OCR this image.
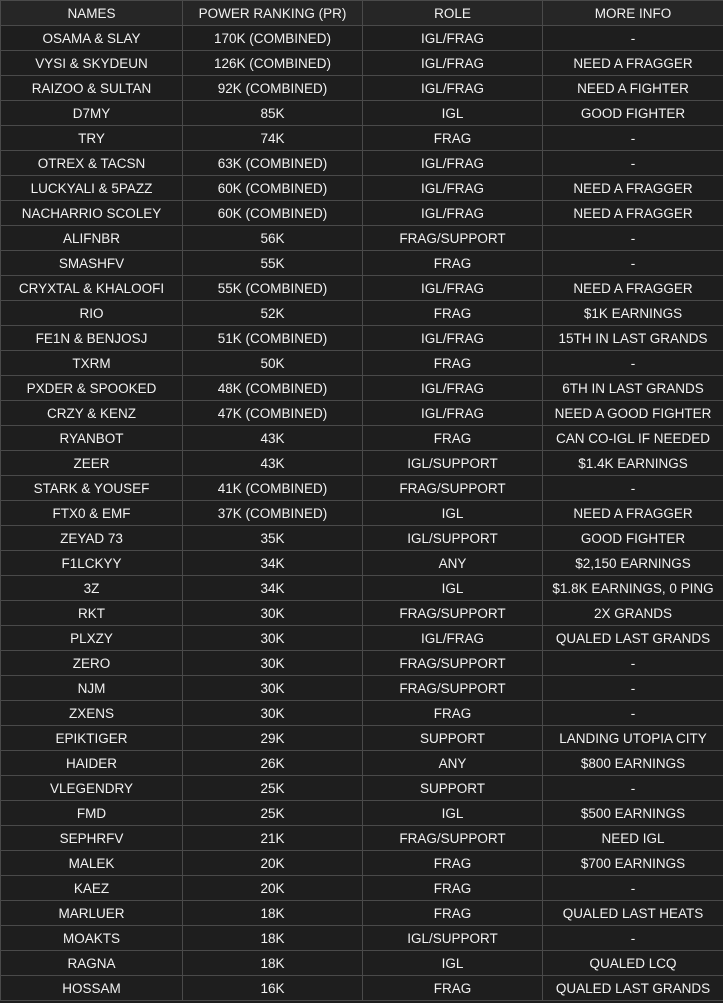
NAMES	POWER RANKING (PR)	ROLE	MORE INFO
OSAMA & SLAY	170K (COMBINED)	IGL/FRAG	-
VYSI & SKYDEUN	126K (COMBINED)	IGL/FRAG	NEED A FRAGGER
RAIZOO & SULTAN	92K (COMBINED)	IGL/FRAG	NEED A FIGHTER
D7MY	85K	IGL	GOOD FIGHTER
TRY	74K	FRAG	-
OTREX & TACSN	63K (COMBINED)	IGL/FRAG	-
LUCKYALI & 5PAZZ	60K (COMBINED)	IGL/FRAG	NEED A FRAGGER
NACHARRIO SCOLEY	60K (COMBINED)	IGL/FRAG	NEED A FRAGGER
ALIFNBR	56K	FRAG/SUPPORT	-
SMASHFV	55K	FRAG	-
CRYXTAL & KHALOOFI	55K (COMBINED)	IGL/FRAG	NEED A FRAGGER
RIO	52K	FRAG	$1K EARNINGS
FE1N & BENJOSJ	51K (COMBINED)	IGL/FRAG	15TH IN LAST GRANDS
TXRM	50K	FRAG	-
PXDER & SPOOKED	48K (COMBINED)	IGL/FRAG	6TH IN LAST GRANDS
CRZY & KENZ	47K (COMBINED)	IGL/FRAG	NEED A GOOD FIGHTER
RYANBOT	43K	FRAG	CAN CO-IGL IF NEEDED
ZEER	43K	IGL/SUPPORT	$1.4K EARNINGS
STARK & YOUSEF	41K (COMBINED)	FRAG/SUPPORT	-
FTX0 & EMF	37K (COMBINED)	IGL	NEED A FRAGGER
ZEYAD 73	35K	IGL/SUPPORT	GOOD FIGHTER
F1LCKYY	34K	ANY	$2,150 EARNINGS
3Z	34K	IGL	$1.8K EARNINGS, 0 PING
RKT	30K	FRAG/SUPPORT	2X GRANDS
PLXZY	30K	IGL/FRAG	QUALED LAST GRANDS
ZERO	30K	FRAG/SUPPORT	-
NJM	30K	FRAG/SUPPORT	-
ZXENS	30K	FRAG	-
EPIKTIGER	29K	SUPPORT	LANDING UTOPIA CITY
HAIDER	26K	ANY	$800 EARNINGS
VLEGENDRY	25K	SUPPORT	-
FMD	25K	IGL	$500 EARNINGS
SEPHRFV	21K	FRAG/SUPPORT	NEED IGL
MALEK	20K	FRAG	$700 EARNINGS
KAEZ	20K	FRAG	-
MARLUER	18K	FRAG	QUALED LAST HEATS
MOAKTS	18K	IGL/SUPPORT	-
RAGNA	18K	IGL	QUALED LCQ
HOSSAM	16K	FRAG	QUALED LAST GRANDS
